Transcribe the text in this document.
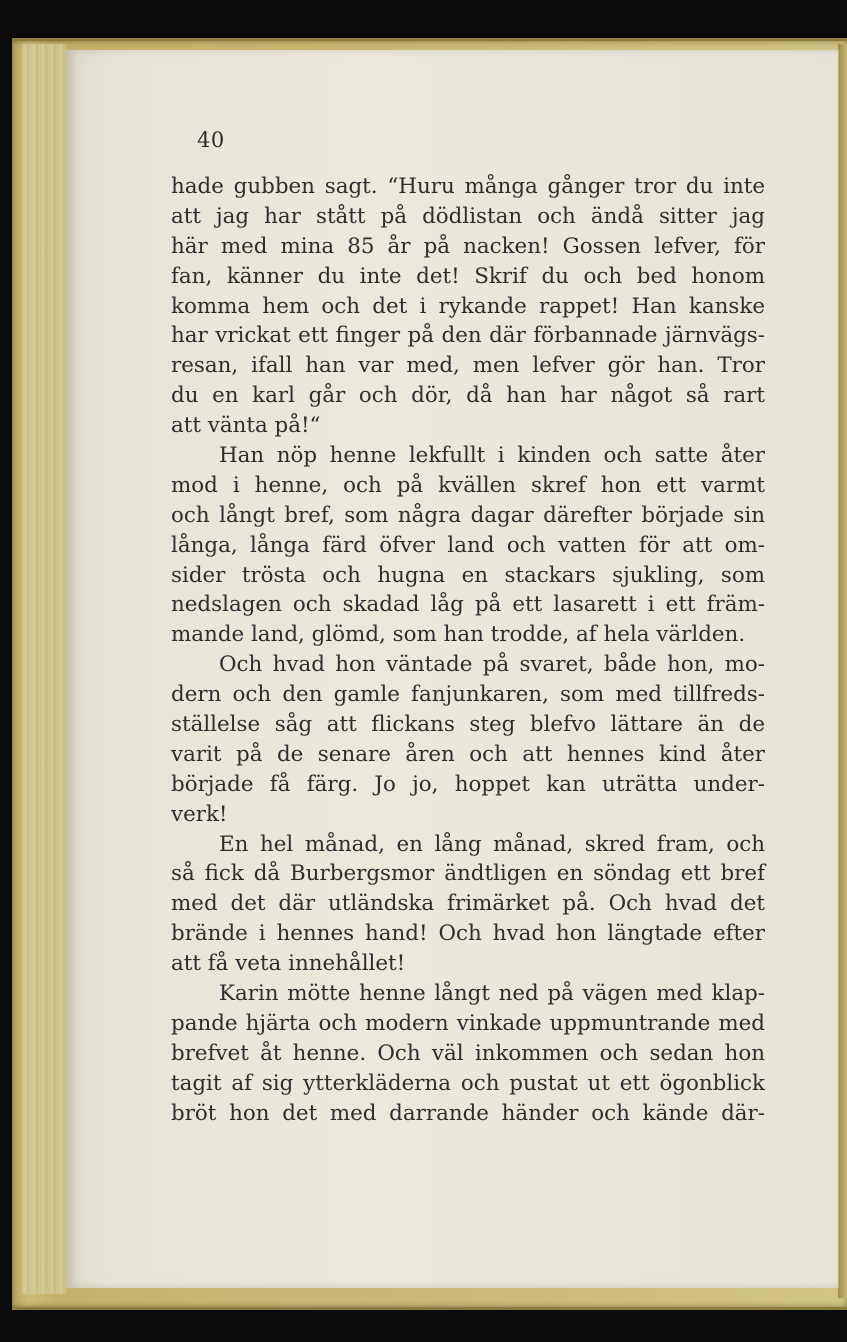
40
hade gubben sagt. “Huru många gånger tror du inte
att jag har stått på dödlistan och ändå sitter jag
här med mina 85 år på nacken! Gossen lefver, för
fan, känner du inte det! Skrif du och bed honom
komma hem och det i rykande rappet! Han kanske
har vrickat ett finger på den där förbannade järnvägs-
resan, ifall han var med, men lefver gör han. Tror
du en karl går och dör, då han har något så rart
att vänta på!“
Han nöp henne lekfullt i kinden och satte åter
mod i henne, och på kvällen skref hon ett varmt
och långt bref, som några dagar därefter började sin
långa, långa färd öfver land och vatten för att om-
sider trösta och hugna en stackars sjukling, som
nedslagen och skadad låg på ett lasarett i ett främ-
mande land, glömd, som han trodde, af hela världen.
Och hvad hon väntade på svaret, både hon, mo-
dern och den gamle fanjunkaren, som med tillfreds-
ställelse såg att flickans steg blefvo lättare än de
varit på de senare åren och att hennes kind åter
började få färg. Jo jo, hoppet kan uträtta under-
verk!
En hel månad, en lång månad, skred fram, och
så fick då Burbergsmor ändtligen en söndag ett bref
med det där utländska frimärket på. Och hvad det
brände i hennes hand! Och hvad hon längtade efter
att få veta innehållet!
Karin mötte henne långt ned på vägen med klap-
pande hjärta och modern vinkade uppmuntrande med
brefvet åt henne. Och väl inkommen och sedan hon
tagit af sig ytterkläderna och pustat ut ett ögonblick
bröt hon det med darrande händer och kände där-
